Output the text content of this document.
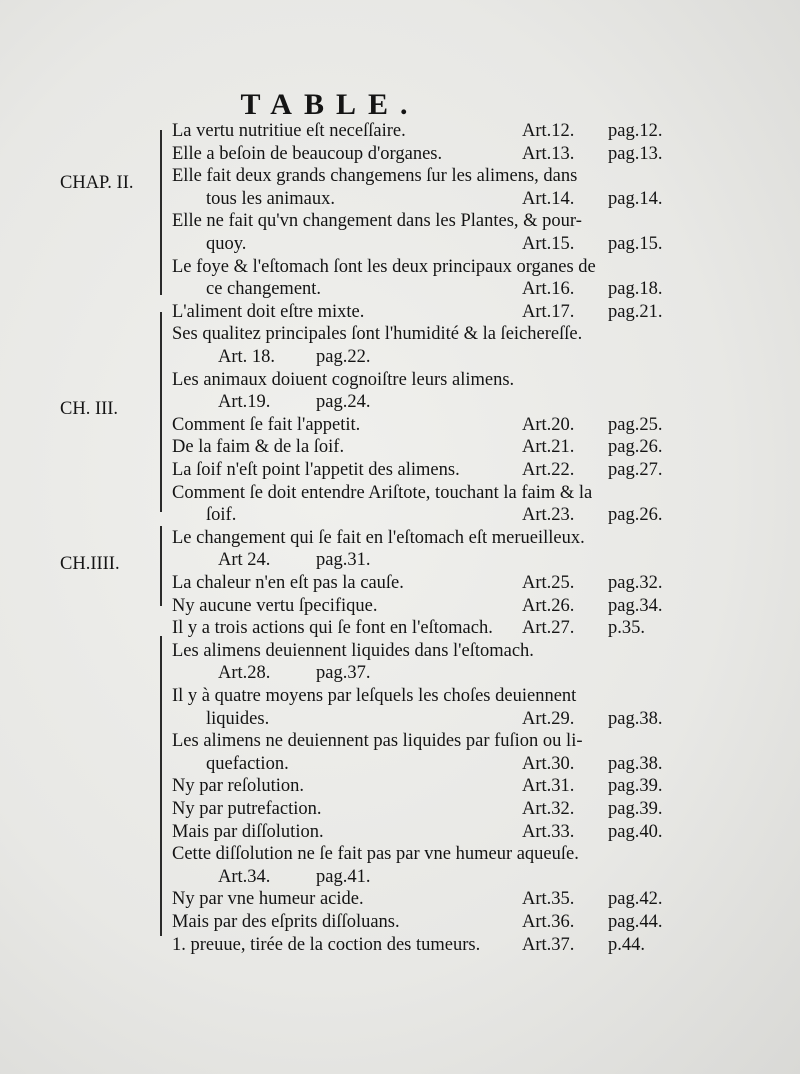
TABLE.
CHAP. II.
CH. III.
CH.IIII.
La vertu nutritiue eſt neceſſaire.	Art.12. pag.12.
Elle a beſoin de beaucoup d'organes.	Art.13. pag.13.
Elle fait deux grands changemens ſur les alimens, dans
tous les animaux.	Art.14. pag.14.
Elle ne fait qu'vn changement dans les Plantes, & pour-
quoy.	Art.15. pag.15.
Le foye & l'eſtomach ſont les deux principaux organes de
ce changement.	Art.16. pag.18.
L'aliment doit eſtre mixte.	Art.17. pag.21.
Ses qualitez principales ſont l'humidité & la ſeichereſſe.
Art. 18. pag.22.
Les animaux doiuent cognoiſtre leurs alimens.
Art.19. pag.24.
Comment ſe fait l'appetit.	Art.20. pag.25.
De la faim & de la ſoif.	Art.21. pag.26.
La ſoif n'eſt point l'appetit des alimens.	Art.22. pag.27.
Comment ſe doit entendre Ariſtote, touchant la faim & la
ſoif.	Art.23. pag.26.
Le changement qui ſe fait en l'eſtomach eſt merueilleux.
Art 24. pag.31.
La chaleur n'en eſt pas la cauſe.	Art.25. pag.32.
Ny aucune vertu ſpecifique.	Art.26. pag.34.
Il y a trois actions qui ſe font en l'eſtomach. Art.27. p.35.
Les alimens deuiennent liquides dans l'eſtomach.
Art.28. pag.37.
Il y à quatre moyens par leſquels les choſes deuiennent
liquides.	Art.29. pag.38.
Les alimens ne deuiennent pas liquides par fuſion ou li-
quefaction.	Art.30. pag.38.
Ny par reſolution.	Art.31. pag.39.
Ny par putrefaction.	Art.32. pag.39.
Mais par diſſolution.	Art.33. pag.40.
Cette diſſolution ne ſe fait pas par vne humeur aqueuſe.
Art.34. pag.41.
Ny par vne humeur acide.	Art.35. pag.42.
Mais par des eſprits diſſoluans.	Art.36. pag.44.
1. preuue, tirée de la coction des tumeurs. Art.37. p.44.
